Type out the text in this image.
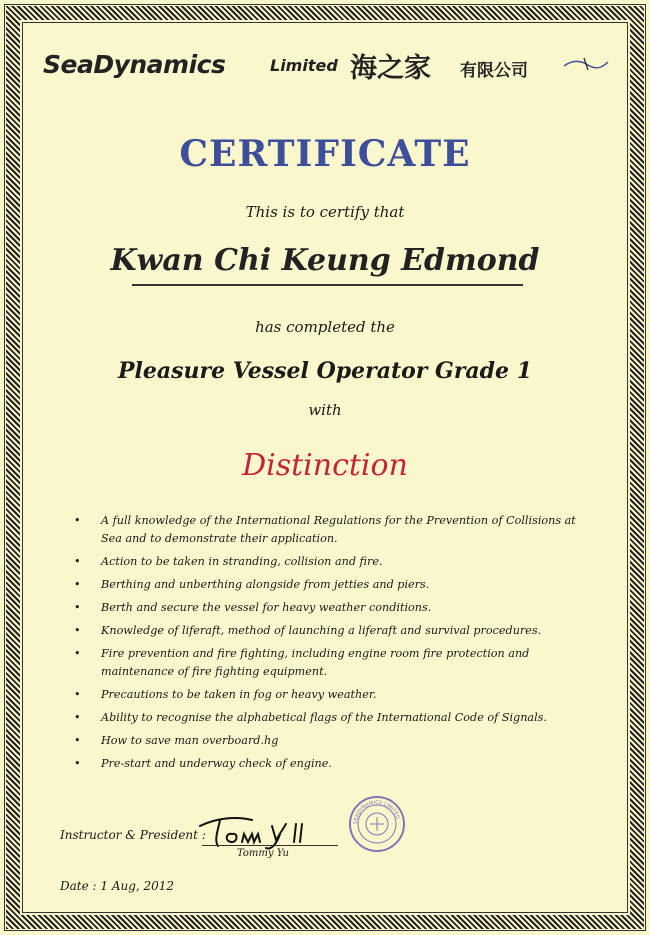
SeaDynamics	Limited 海之家 有限公司
CERTIFICATE
This is to certify that
Kwan Chi Keung Edmond
has completed the
Pleasure Vessel Operator Grade 1
with
Distinction
• A full knowledge of the International Regulations for the Prevention of Collisions at Sea and to demonstrate their application.
• Action to be taken in stranding, collision and fire.
• Berthing and unberthing alongside from jetties and piers.
• Berth and secure the vessel for heavy weather conditions.
• Knowledge of liferaft, method of launching a liferaft and survival procedures.
• Fire prevention and fire fighting, including engine room fire protection and maintenance of fire fighting equipment.
• Precautions to be taken in fog or heavy weather.
• Ability to recognise the alphabetical flags of the International Code of Signals.
• How to save man overboard.hg
• Pre-start and underway check of engine.
Instructor & President :
Tommy Yu
SEADYNAMICS LIMITED
Date : 1 Aug, 2012
